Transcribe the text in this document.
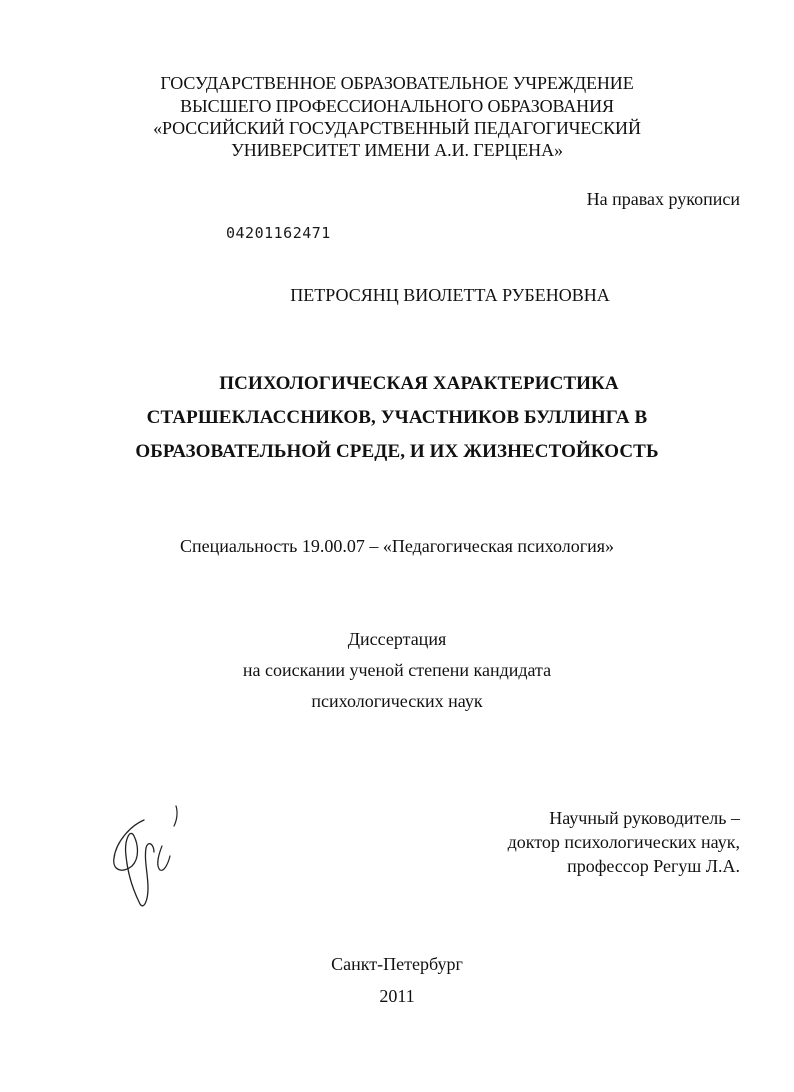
ГОСУДАРСТВЕННОЕ ОБРАЗОВАТЕЛЬНОЕ УЧРЕЖДЕНИЕ
ВЫСШЕГО ПРОФЕССИОНАЛЬНОГО ОБРАЗОВАНИЯ
«РОССИЙСКИЙ ГОСУДАРСТВЕННЫЙ ПЕДАГОГИЧЕСКИЙ
УНИВЕРСИТЕТ ИМЕНИ А.И. ГЕРЦЕНА»
На правах рукописи
04201162471
ПЕТРОСЯНЦ ВИОЛЕТТА РУБЕНОВНА
ПСИХОЛОГИЧЕСКАЯ ХАРАКТЕРИСТИКА
СТАРШЕКЛАССНИКОВ, УЧАСТНИКОВ БУЛЛИНГА В
ОБРАЗОВАТЕЛЬНОЙ СРЕДЕ, И ИХ ЖИЗНЕСТОЙКОСТЬ
Специальность 19.00.07 – «Педагогическая психология»
Диссертация
на соискании ученой степени кандидата
психологических наук
Научный руководитель –
доктор психологических наук,
профессор Регуш Л.А.
Санкт-Петербург
2011
